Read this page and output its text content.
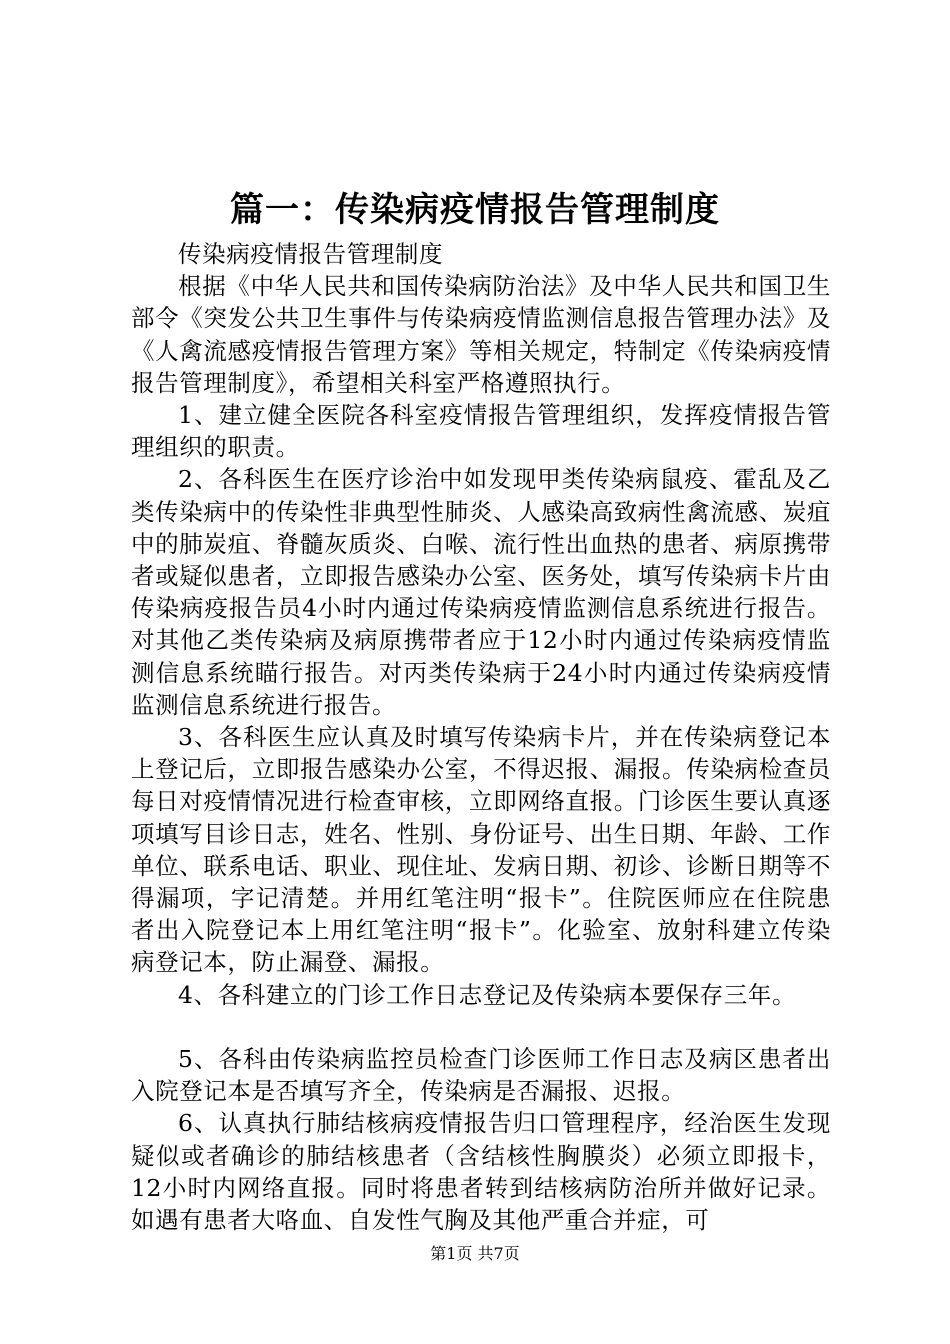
篇一：传染病疫情报告管理制度

传染病疫情报告管理制度

根据《中华人民共和国传染病防治法》及中华人民共和国卫生部令《突发公共卫生事件与传染病疫情监测信息报告管理办法》及《人禽流感疫情报告管理方案》等相关规定，特制定《传染病疫情报告管理制度》，希望相关科室严格遵照执行。

1、建立健全医院各科室疫情报告管理组织，发挥疫情报告管理组织的职责。

2、各科医生在医疗诊治中如发现甲类传染病鼠疫、霍乱及乙类传染病中的传染性非典型性肺炎、人感染高致病性禽流感、炭疽中的肺炭疽、脊髓灰质炎、白喉、流行性出血热的患者、病原携带者或疑似患者，立即报告感染办公室、医务处，填写传染病卡片由传染病疫报告员4小时内通过传染病疫情监测信息系统进行报告。对其他乙类传染病及病原携带者应于12小时内通过传染病疫情监测信息系统瞄行报告。对丙类传染病于24小时内通过传染病疫情监测信息系统进行报告。

3、各科医生应认真及时填写传染病卡片，并在传染病登记本上登记后，立即报告感染办公室，不得迟报、漏报。传染病检查员每日对疫情情况进行检查审核，立即网络直报。门诊医生要认真逐项填写目诊日志，姓名、性别、身份证号、出生日期、年龄、工作单位、联系电话、职业、现住址、发病日期、初诊、诊断日期等不得漏项，字记清楚。并用红笔注明“报卡”。住院医师应在住院患者出入院登记本上用红笔注明“报卡”。化验室、放射科建立传染病登记本，防止漏登、漏报。

4、各科建立的门诊工作日志登记及传染病本要保存三年。

5、各科由传染病监控员检查门诊医师工作日志及病区患者出入院登记本是否填写齐全，传染病是否漏报、迟报。

6、认真执行肺结核病疫情报告归口管理程序，经治医生发现疑似或者确诊的肺结核患者（含结核性胸膜炎）必须立即报卡，12小时内网络直报。同时将患者转到结核病防治所并做好记录。如遇有患者大咯血、自发性气胸及其他严重合并症，可

第1页 共7页
